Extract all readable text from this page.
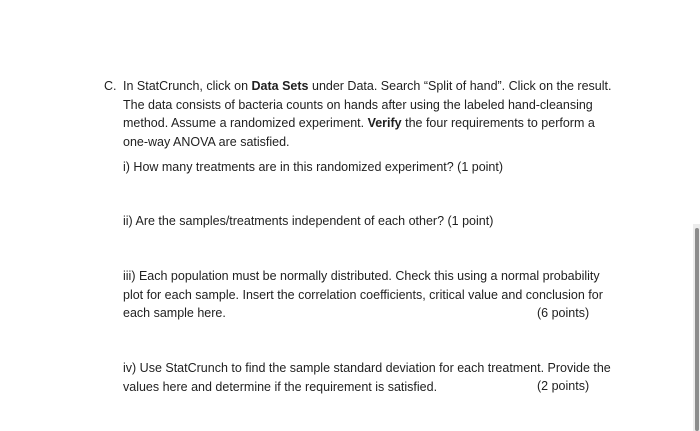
C. In StatCrunch, click on Data Sets under Data. Search “Split of hand”. Click on the result. The data consists of bacteria counts on hands after using the labeled hand-cleansing method. Assume a randomized experiment. Verify the four requirements to perform a one-way ANOVA are satisfied.
i) How many treatments are in this randomized experiment? (1 point)
ii) Are the samples/treatments independent of each other? (1 point)
iii) Each population must be normally distributed. Check this using a normal probability plot for each sample. Insert the correlation coefficients, critical value and conclusion for each sample here.	(6 points)
iv) Use StatCrunch to find the sample standard deviation for each treatment. Provide the values here and determine if the requirement is satisfied.	(2 points)
